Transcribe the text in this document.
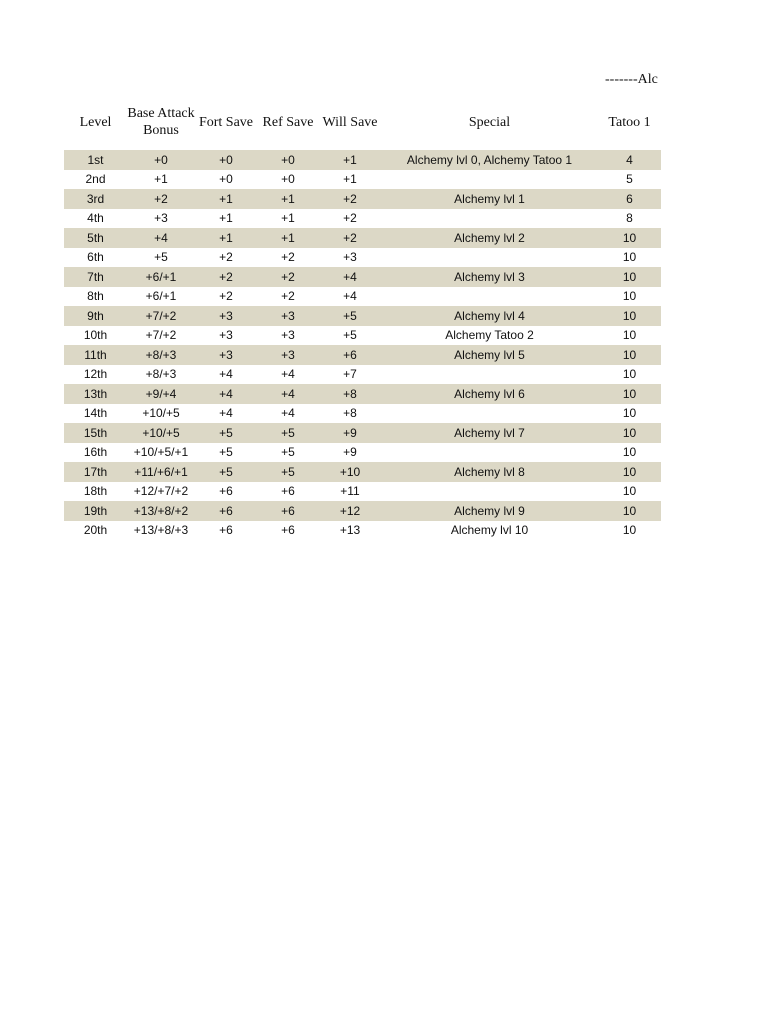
-------Alc
Level	Base Attack Bonus	Fort Save	Ref Save	Will Save	Special	Tatoo 1
1st	+0	+0	+0	+1	Alchemy lvl 0, Alchemy Tatoo 1	4
2nd	+1	+0	+0	+1		5
3rd	+2	+1	+1	+2	Alchemy lvl 1	6
4th	+3	+1	+1	+2		8
5th	+4	+1	+1	+2	Alchemy lvl 2	10
6th	+5	+2	+2	+3		10
7th	+6/+1	+2	+2	+4	Alchemy lvl 3	10
8th	+6/+1	+2	+2	+4		10
9th	+7/+2	+3	+3	+5	Alchemy lvl 4	10
10th	+7/+2	+3	+3	+5	Alchemy Tatoo 2	10
11th	+8/+3	+3	+3	+6	Alchemy lvl 5	10
12th	+8/+3	+4	+4	+7		10
13th	+9/+4	+4	+4	+8	Alchemy lvl 6	10
14th	+10/+5	+4	+4	+8		10
15th	+10/+5	+5	+5	+9	Alchemy lvl 7	10
16th	+10/+5/+1	+5	+5	+9		10
17th	+11/+6/+1	+5	+5	+10	Alchemy lvl 8	10
18th	+12/+7/+2	+6	+6	+11		10
19th	+13/+8/+2	+6	+6	+12	Alchemy lvl 9	10
20th	+13/+8/+3	+6	+6	+13	Alchemy lvl 10	10
